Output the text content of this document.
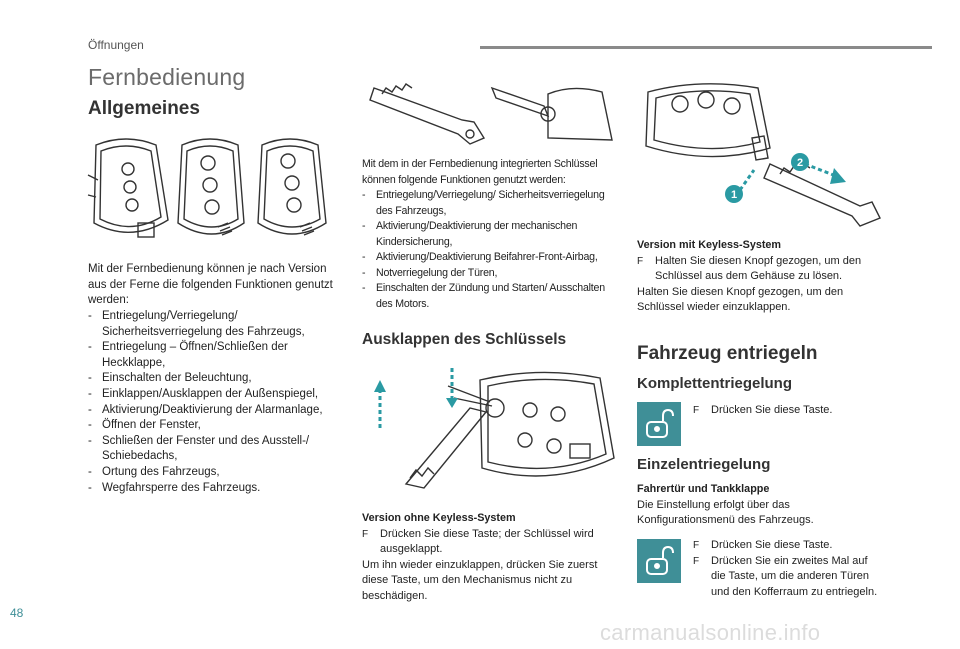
Öffnungen
Fernbedienung
Allgemeines
Mit der Fernbedienung können je nach Version aus der Ferne die folgenden Funktionen genutzt werden:
- Entriegelung/Verriegelung/ Sicherheitsverriegelung des Fahrzeugs,
- Entriegelung – Öffnen/Schließen der Heckklappe,
- Einschalten der Beleuchtung,
- Einklappen/Ausklappen der Außenspiegel,
- Aktivierung/Deaktivierung der Alarmanlage,
- Öffnen der Fenster,
- Schließen der Fenster und des Ausstell-/ Schiebedachs,
- Ortung des Fahrzeugs,
- Wegfahrsperre des Fahrzeugs.
Mit dem in der Fernbedienung integrierten Schlüssel können folgende Funktionen genutzt werden:
- Entriegelung/Verriegelung/ Sicherheitsverriegelung des Fahrzeugs,
- Aktivierung/Deaktivierung der mechanischen Kindersicherung,
- Aktivierung/Deaktivierung Beifahrer-Front-Airbag,
- Notverriegelung der Türen,
- Einschalten der Zündung und Starten/ Ausschalten des Motors.
Ausklappen des Schlüssels
Version ohne Keyless-System
F Drücken Sie diese Taste; der Schlüssel wird ausgeklappt.
Um ihn wieder einzuklappen, drücken Sie zuerst diese Taste, um den Mechanismus nicht zu beschädigen.
1
2
Version mit Keyless-System
F Halten Sie diesen Knopf gezogen, um den Schlüssel aus dem Gehäuse zu lösen.
Halten Sie diesen Knopf gezogen, um den Schlüssel wieder einzuklappen.
Fahrzeug entriegeln
Komplettentriegelung
F Drücken Sie diese Taste.
Einzelentriegelung
Fahrertür und Tankklappe
Die Einstellung erfolgt über das Konfigurationsmenü des Fahrzeugs.
F Drücken Sie diese Taste.
F Drücken Sie ein zweites Mal auf die Taste, um die anderen Türen und den Kofferraum zu entriegeln.
48
carmanualsonline.info
